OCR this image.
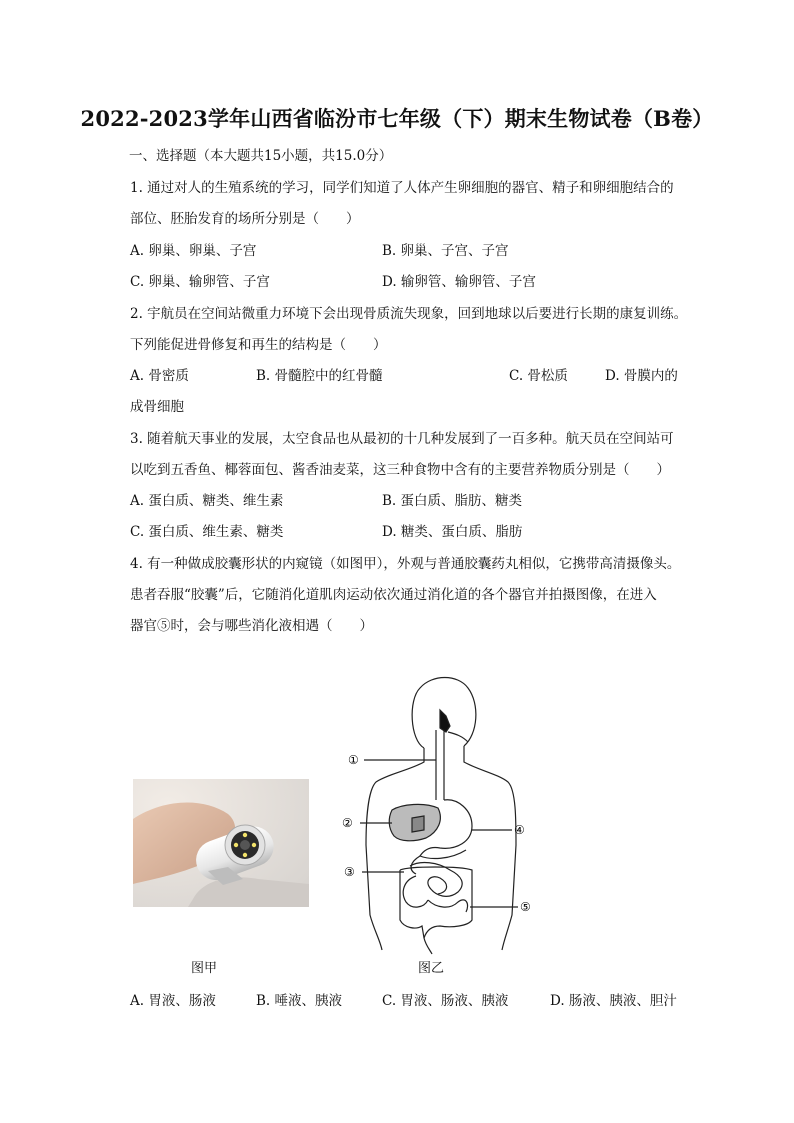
2022-2023学年山西省临汾市七年级（下）期末生物试卷（B卷）
一、选择题（本大题共15小题，共15.0分）
1. 通过对人的生殖系统的学习，同学们知道了人体产生卵细胞的器官、精子和卵细胞结合的
部位、胚胎发育的场所分别是（　　）
A. 卵巢、卵巢、子宫	B. 卵巢、子宫、子宫
C. 卵巢、输卵管、子宫	D. 输卵管、输卵管、子宫
2. 宇航员在空间站微重力环境下会出现骨质流失现象，回到地球以后要进行长期的康复训练。
下列能促进骨修复和再生的结构是（　　）
A. 骨密质	B. 骨髓腔中的红骨髓	C. 骨松质	D. 骨膜内的
成骨细胞
3. 随着航天事业的发展，太空食品也从最初的十几种发展到了一百多种。航天员在空间站可
以吃到五香鱼、椰蓉面包、酱香油麦菜，这三种食物中含有的主要营养物质分别是（　　）
A. 蛋白质、糖类、维生素	B. 蛋白质、脂肪、糖类
C. 蛋白质、维生素、糖类	D. 糖类、蛋白质、脂肪
4. 有一种做成胶囊形状的内窥镜（如图甲），外观与普通胶囊药丸相似，它携带高清摄像头。
患者吞服“胶囊”后，它随消化道肌肉运动依次通过消化道的各个器官并拍摄图像，在进入
器官⑤时，会与哪些消化液相遇（　　）
图甲
①
②
③
④
⑤
图乙
A. 胃液、肠液	B. 唾液、胰液	C. 胃液、肠液、胰液	D. 肠液、胰液、胆汁
